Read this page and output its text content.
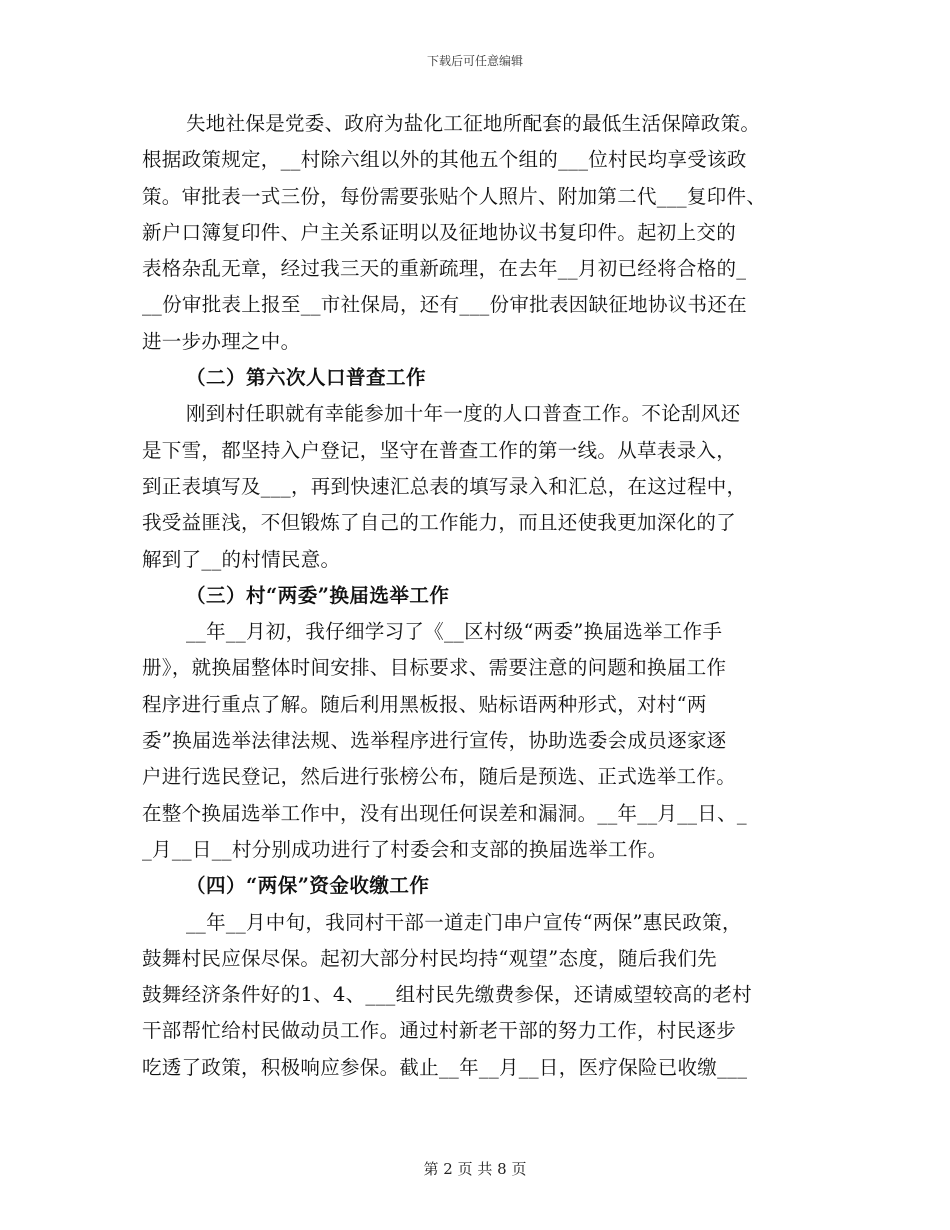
下载后可任意编辑
失地社保是党委、政府为盐化工征地所配套的最低生活保障政策。
根据政策规定，__村除六组以外的其他五个组的___位村民均享受该政
策。审批表一式三份，每份需要张贴个人照片、附加第二代___复印件、
新户口簿复印件、户主关系证明以及征地协议书复印件。起初上交的
表格杂乱无章，经过我三天的重新疏理，在去年__月初已经将合格的_
__份审批表上报至__市社保局，还有___份审批表因缺征地协议书还在
进一步办理之中。
（二）第六次人口普查工作
刚到村任职就有幸能参加十年一度的人口普查工作。不论刮风还
是下雪，都坚持入户登记，坚守在普查工作的第一线。从草表录入，
到正表填写及___，再到快速汇总表的填写录入和汇总，在这过程中，
我受益匪浅，不但锻炼了自己的工作能力，而且还使我更加深化的了
解到了__的村情民意。
（三）村“两委”换届选举工作
__年__月初，我仔细学习了《__区村级“两委”换届选举工作手
册》，就换届整体时间安排、目标要求、需要注意的问题和换届工作
程序进行重点了解。随后利用黑板报、贴标语两种形式，对村“两
委”换届选举法律法规、选举程序进行宣传，协助选委会成员逐家逐
户进行选民登记，然后进行张榜公布，随后是预选、正式选举工作。
在整个换届选举工作中，没有出现任何误差和漏洞。__年__月__日、_
_月__日__村分别成功进行了村委会和支部的换届选举工作。
（四）“两保”资金收缴工作
__年__月中旬，我同村干部一道走门串户宣传“两保”惠民政策，
鼓舞村民应保尽保。起初大部分村民均持“观望”态度，随后我们先
鼓舞经济条件好的1、4、___组村民先缴费参保，还请威望较高的老村
干部帮忙给村民做动员工作。通过村新老干部的努力工作，村民逐步
吃透了政策，积极响应参保。截止__年__月__日，医疗保险已收缴___
第 2 页 共 8 页
